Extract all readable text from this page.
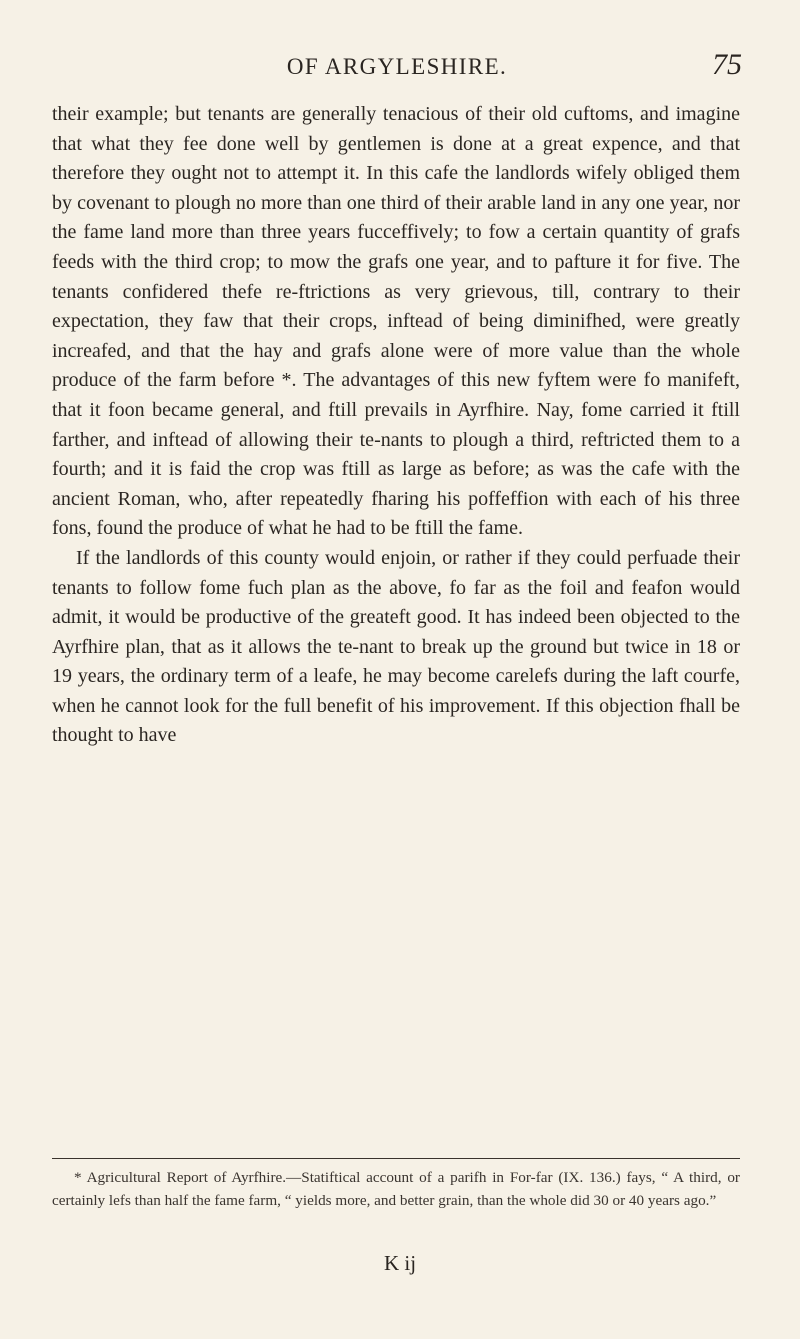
OF ARGYLESHIRE.	75

their example; but tenants are generally tenacious of their old cuftoms, and imagine that what they fee done well by gentlemen is done at a great expence, and that therefore they ought not to attempt it. In this cafe the landlords wifely obliged them by covenant to plough no more than one third of their arable land in any one year, nor the fame land more than three years fucceffively; to fow a certain quantity of grafs feeds with the third crop; to mow the grafs one year, and to pafture it for five. The tenants confidered thefe re-ftrictions as very grievous, till, contrary to their expectation, they faw that their crops, inftead of being diminifhed, were greatly increafed, and that the hay and grafs alone were of more value than the whole produce of the farm before *. The advantages of this new fyftem were fo manifeft, that it foon became general, and ftill prevails in Ayrfhire. Nay, fome carried it ftill farther, and inftead of allowing their te-nants to plough a third, reftricted them to a fourth; and it is faid the crop was ftill as large as before; as was the cafe with the ancient Roman, who, after repeatedly fharing his poffeffion with each of his three fons, found the produce of what he had to be ftill the fame.

If the landlords of this county would enjoin, or rather if they could perfuade their tenants to follow fome fuch plan as the above, fo far as the foil and feafon would admit, it would be productive of the greateft good. It has indeed been objected to the Ayrfhire plan, that as it allows the te-nant to break up the ground but twice in 18 or 19 years, the ordinary term of a leafe, he may become carelefs during the laft courfe, when he cannot look for the full benefit of his improvement. If this objection fhall be thought to have

* Agricultural Report of Ayrfhire.—Statiftical account of a parifh in For-far (IX. 136.) fays, “ A third, or certainly lefs than half the fame farm, “ yields more, and better grain, than the whole did 30 or 40 years ago.”
K ij
